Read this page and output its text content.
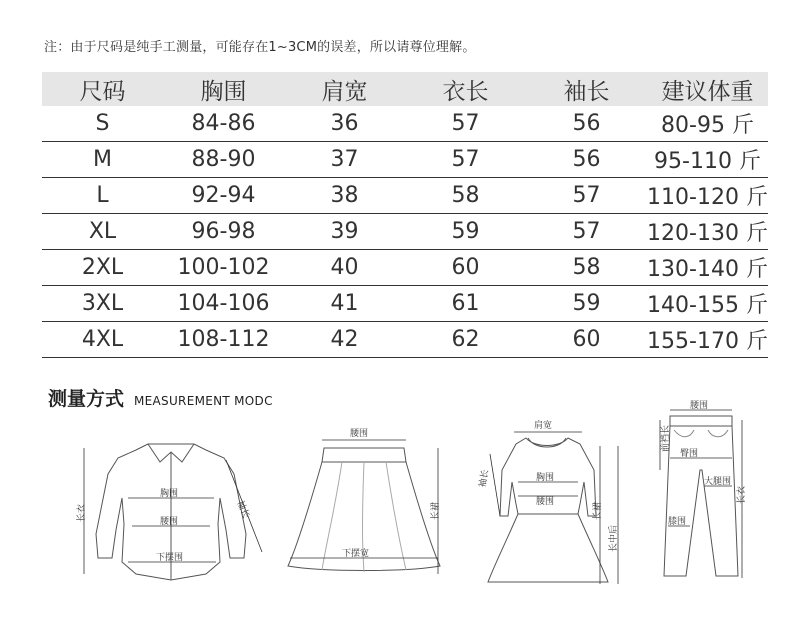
注：由于尺码是纯手工测量，可能存在1~3CM的误差，所以请尊位理解。
尺码	胸围	肩宽	衣长	袖长	建议体重
S	84-86	36	57	56	80-95 斤
M	88-90	37	57	56	95-110 斤
L	92-94	38	58	57	110-120 斤
XL	96-98	39	59	57	120-130 斤
2XL	100-102	40	60	58	130-140 斤
3XL	104-106	41	61	59	140-155 斤
4XL	108-112	42	62	60	155-170 斤
测量方式 MEASUREMENT MODC
胸围
腰围
下摆围
长衣	袖长
腰围
下摆宽
长裙
肩宽
胸围
腰围
袖长
长裙
长中后
腰围
前裆长
臀围
大腿围
膝围
长衣
